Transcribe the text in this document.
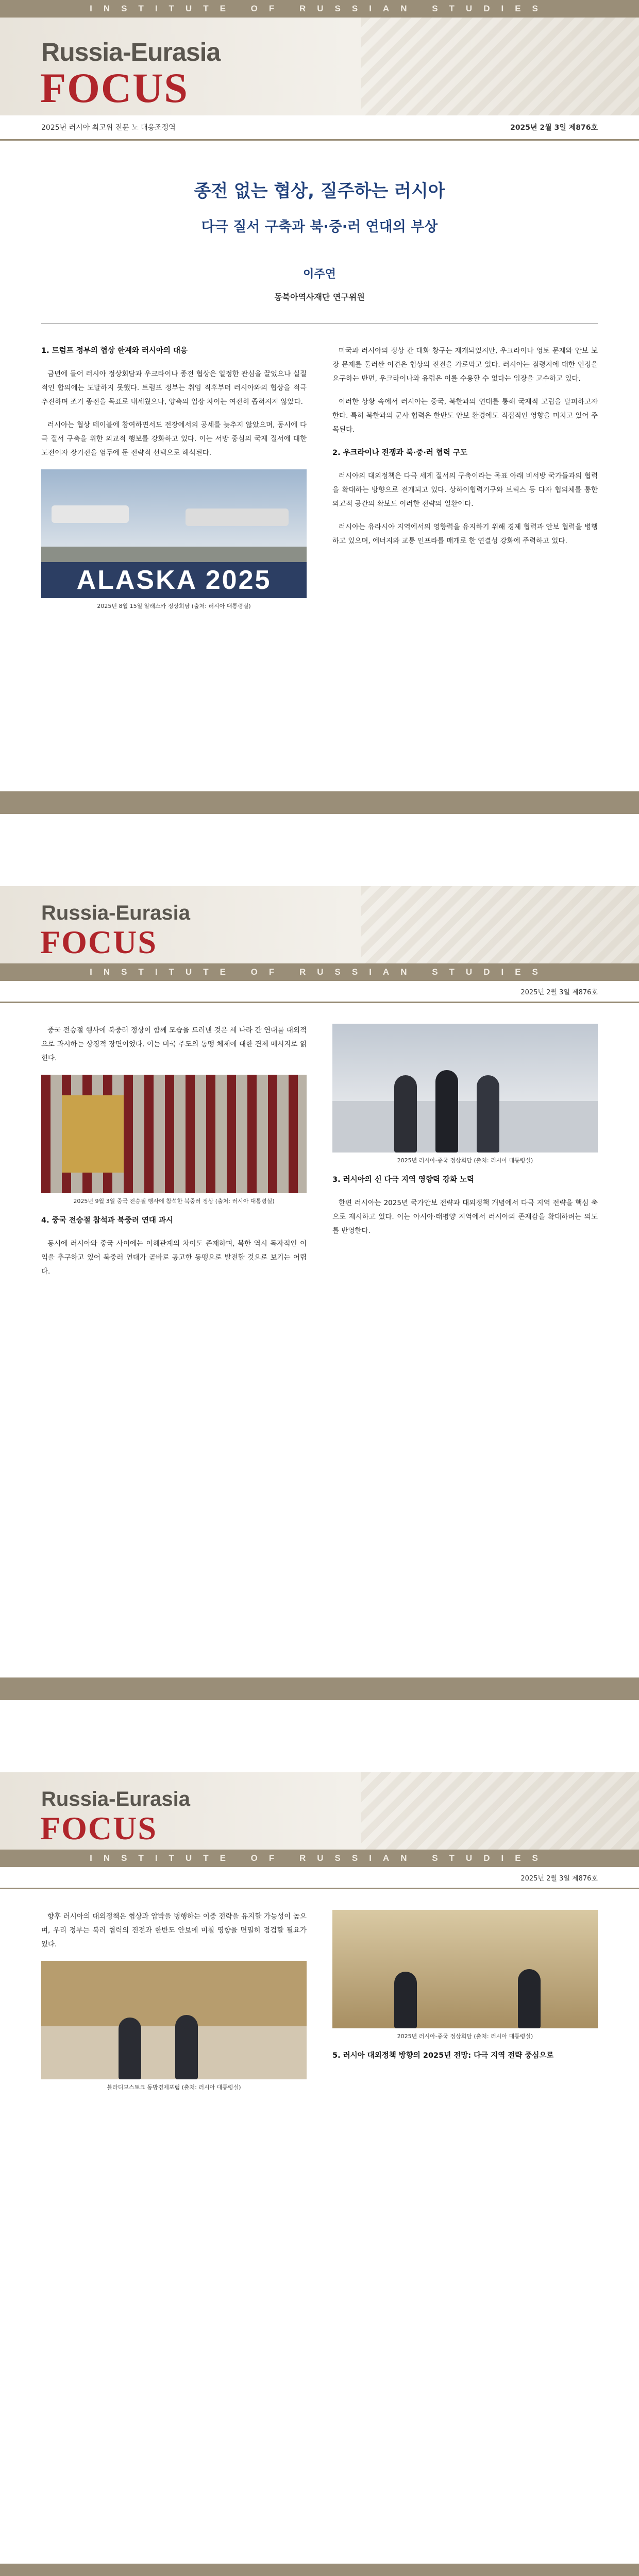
INSTITUTE OF RUSSIAN STUDIES
Russia-Eurasia
FOCUS
2025년 러시아 최고위 전문 노 대응조정역	2025년 2월 3일 제876호
종전 없는 협상, 질주하는 러시아
다극 질서 구축과 북·중·러 연대의 부상
이주연
동북아역사재단 연구위원

1. 트럼프 정부의 협상 한계와 러시아의 대응

금년에 들어 러시아 정상회담과 우크라이나 종전 협상은 일정한 관심을 끌었으나 실질적인 합의에는 도달하지 못했다. 트럼프 정부는 취임 직후부터 러시아와의 협상을 적극 추진하며 조기 종전을 목표로 내세웠으나, 양측의 입장 차이는 여전히 좁혀지지 않았다.

러시아는 협상 테이블에 참여하면서도 전장에서의 공세를 늦추지 않았으며, 동시에 다극 질서 구축을 위한 외교적 행보를 강화하고 있다. 이는 서방 중심의 국제 질서에 대한 도전이자 장기전을 염두에 둔 전략적 선택으로 해석된다.

ALASKA 2025
2025년 8월 15일 알래스카 정상회담 (출처: 러시아 대통령실)

미국과 러시아의 정상 간 대화 창구는 재개되었지만, 우크라이나 영토 문제와 안보 보장 문제를 둘러싼 이견은 협상의 진전을 가로막고 있다. 러시아는 점령지에 대한 인정을 요구하는 반면, 우크라이나와 유럽은 이를 수용할 수 없다는 입장을 고수하고 있다.

이러한 상황 속에서 러시아는 중국, 북한과의 연대를 통해 국제적 고립을 탈피하고자 한다. 특히 북한과의 군사 협력은 한반도 안보 환경에도 직접적인 영향을 미치고 있어 주목된다.

2. 우크라이나 전쟁과 북·중·러 협력 구도

러시아의 대외정책은 다극 세계 질서의 구축이라는 목표 아래 비서방 국가들과의 협력을 확대하는 방향으로 전개되고 있다. 상하이협력기구와 브릭스 등 다자 협의체를 통한 외교적 공간의 확보도 이러한 전략의 일환이다.

러시아는 유라시아 지역에서의 영향력을 유지하기 위해 경제 협력과 안보 협력을 병행하고 있으며, 에너지와 교통 인프라를 매개로 한 연결성 강화에 주력하고 있다.

Russia-Eurasia
FOCUS
INSTITUTE OF RUSSIAN STUDIES
2025년 2월 3일 제876호

중국 전승절 행사에 북중러 정상이 함께 모습을 드러낸 것은 세 나라 간 연대를 대외적으로 과시하는 상징적 장면이었다. 이는 미국 주도의 동맹 체제에 대한 견제 메시지로 읽힌다.

2025년 9월 3일 중국 전승절 행사에 참석한 북중러 정상 (출처: 러시아 대통령실)

4. 중국 전승절 참석과 북중러 연대 과시

동시에 러시아와 중국 사이에는 이해관계의 차이도 존재하며, 북한 역시 독자적인 이익을 추구하고 있어 북중러 연대가 곧바로 공고한 동맹으로 발전할 것으로 보기는 어렵다.

2025년 러시아-중국 정상회담 (출처: 러시아 대통령실)

3. 러시아의 신 다극 지역 영향력 강화 노력

한편 러시아는 2025년 국가안보 전략과 대외정책 개념에서 다극 지역 전략을 핵심 축으로 제시하고 있다. 이는 아시아·태평양 지역에서 러시아의 존재감을 확대하려는 의도를 반영한다.

Russia-Eurasia
FOCUS
INSTITUTE OF RUSSIAN STUDIES
2025년 2월 3일 제876호

향후 러시아의 대외정책은 협상과 압박을 병행하는 이중 전략을 유지할 가능성이 높으며, 우리 정부는 북러 협력의 진전과 한반도 안보에 미칠 영향을 면밀히 점검할 필요가 있다.

블라디보스토크 동방경제포럼 (출처: 러시아 대통령실)
2025년 러시아-중국 정상회담 (출처: 러시아 대통령실)

5. 러시아 대외정책 방향의 2025년 전망: 다극 지역 전략 중심으로
